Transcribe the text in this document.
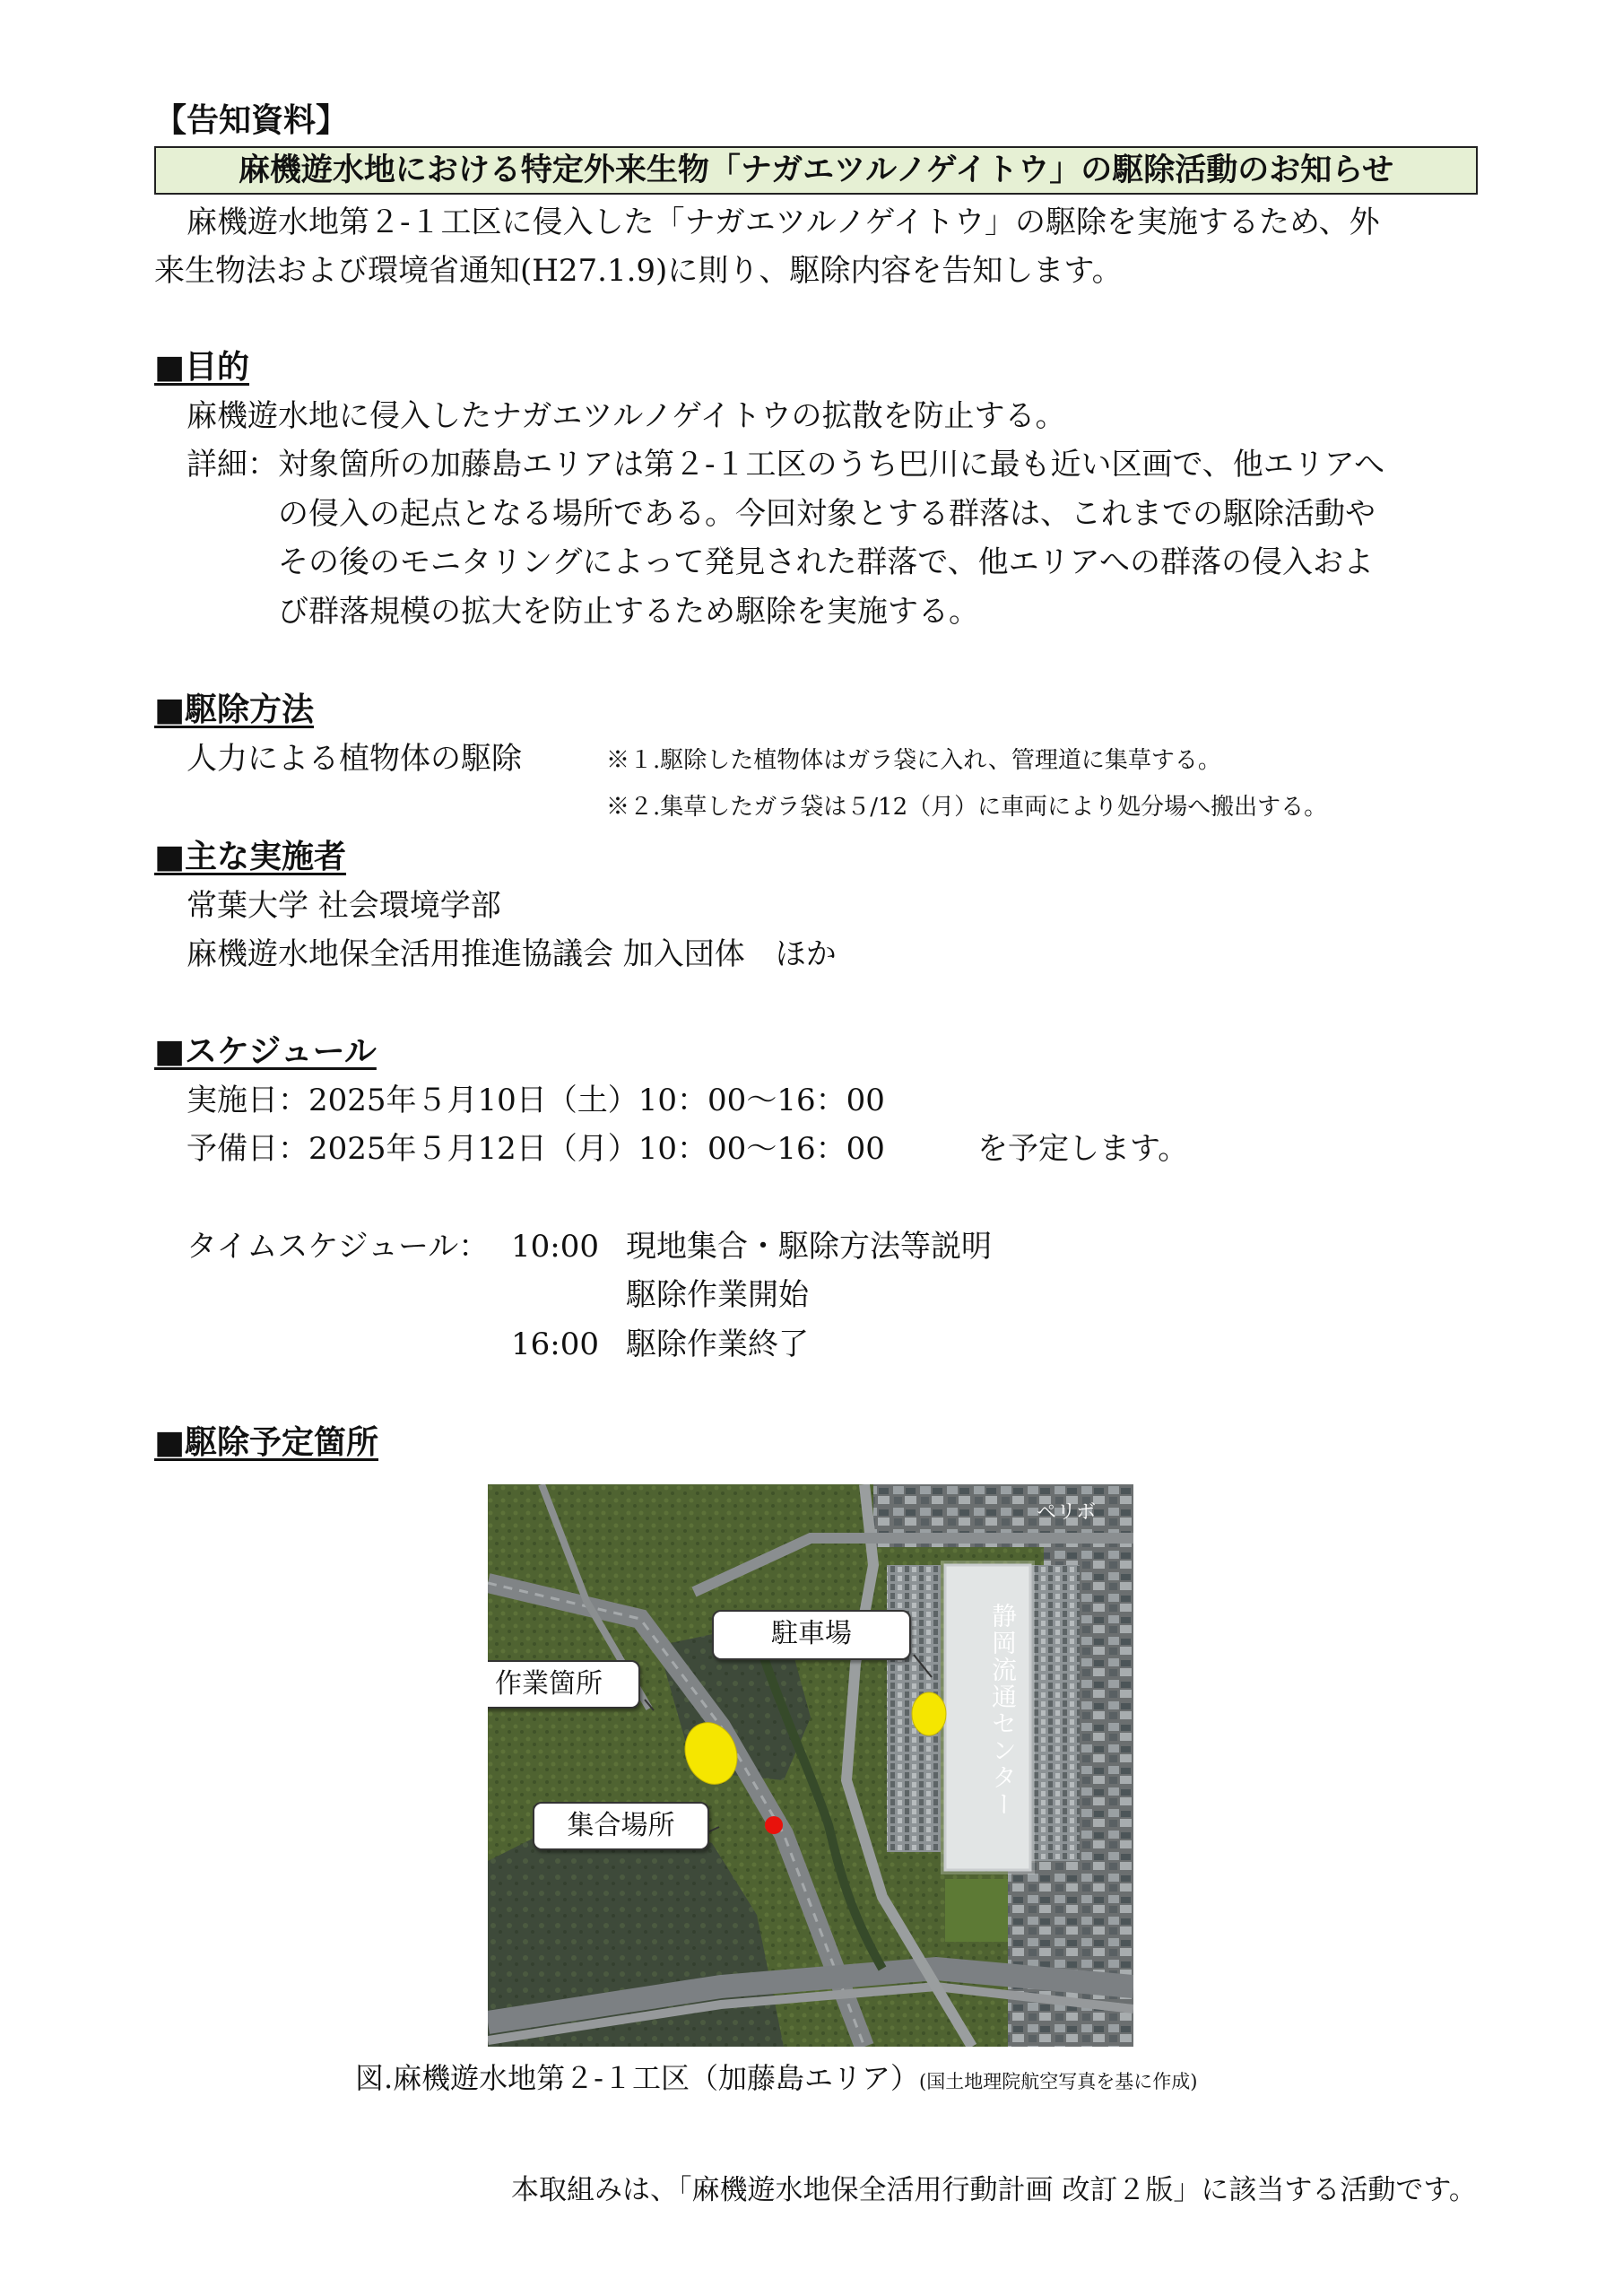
【告知資料】
麻機遊水地における特定外来生物「ナガエツルノゲイトウ」の駆除活動のお知らせ
麻機遊水地第２-１工区に侵入した「ナガエツルノゲイトウ」の駆除を実施するため、外
来生物法および環境省通知(H27.1.9)に則り、駆除内容を告知します。
■目的
麻機遊水地に侵入したナガエツルノゲイトウの拡散を防止する。
詳細： 対象箇所の加藤島エリアは第２-１工区のうち巴川に最も近い区画で、他エリアへ
の侵入の起点となる場所である。今回対象とする群落は、これまでの駆除活動や
その後のモニタリングによって発見された群落で、他エリアへの群落の侵入およ
び群落規模の拡大を防止するため駆除を実施する。
■駆除方法
人力による植物体の駆除	※１.駆除した植物体はガラ袋に入れ、管理道に集草する。
※２.集草したガラ袋は５/12（月）に車両により処分場へ搬出する。
■主な実施者
常葉大学 社会環境学部
麻機遊水地保全活用推進協議会 加入団体　ほか
■スケジュール
実施日：2025年５月10日（土）10：00～16：00
予備日：2025年５月12日（月）10：00～16：00	を予定します。
タイムスケジュール： 10:00 現地集合・駆除方法等説明
駆除作業開始
16:00 駆除作業終了
■駆除予定箇所
静岡流通センター
ペリボ
駐車場
作業箇所
集合場所
図.麻機遊水地第２-１工区（加藤島エリア）(国土地理院航空写真を基に作成)
本取組みは、「麻機遊水地保全活用行動計画 改訂２版」に該当する活動です。
